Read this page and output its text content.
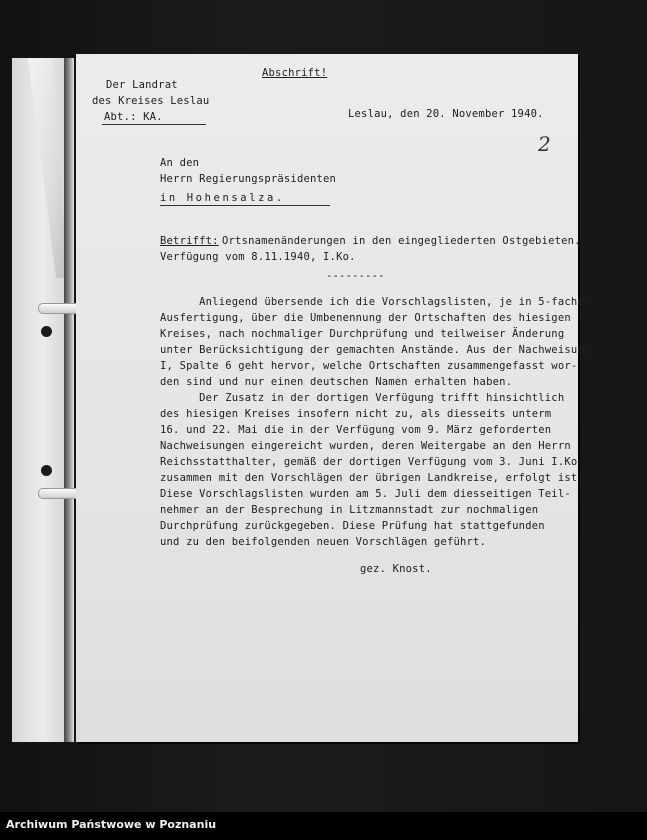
Abschrift!
Der Landrat
des Kreises Leslau
Abt.: KA.	Leslau, den 20. November 1940.
2
An den
Herrn Regierungspräsidenten
in Hohensalza.
Betrifft: Ortsnamenänderungen in den eingegliederten Ostgebieten.
Verfügung vom 8.11.1940, I.Ko.
---------
Anliegend übersende ich die Vorschlagslisten, je in 5-facher
Ausfertigung, über die Umbenennung der Ortschaften des hiesigen
Kreises, nach nochmaliger Durchprüfung und teilweiser Änderung
unter Berücksichtigung der gemachten Anstände. Aus der Nachweisung
I, Spalte 6 geht hervor, welche Ortschaften zusammengefasst wor-
den sind und nur einen deutschen Namen erhalten haben.
Der Zusatz in der dortigen Verfügung trifft hinsichtlich
des hiesigen Kreises insofern nicht zu, als diesseits unterm
16. und 22. Mai die in der Verfügung vom 9. März geforderten
Nachweisungen eingereicht wurden, deren Weitergabe an den Herrn
Reichsstatthalter, gemäß der dortigen Verfügung vom 3. Juni I.Ko.,
zusammen mit den Vorschlägen der übrigen Landkreise, erfolgt ist.
Diese Vorschlagslisten wurden am 5. Juli dem diesseitigen Teil-
nehmer an der Besprechung in Litzmannstadt zur nochmaligen
Durchprüfung zurückgegeben. Diese Prüfung hat stattgefunden
und zu den beifolgenden neuen Vorschlägen geführt.
gez. Knost.
Archiwum Państwowe w Poznaniu
